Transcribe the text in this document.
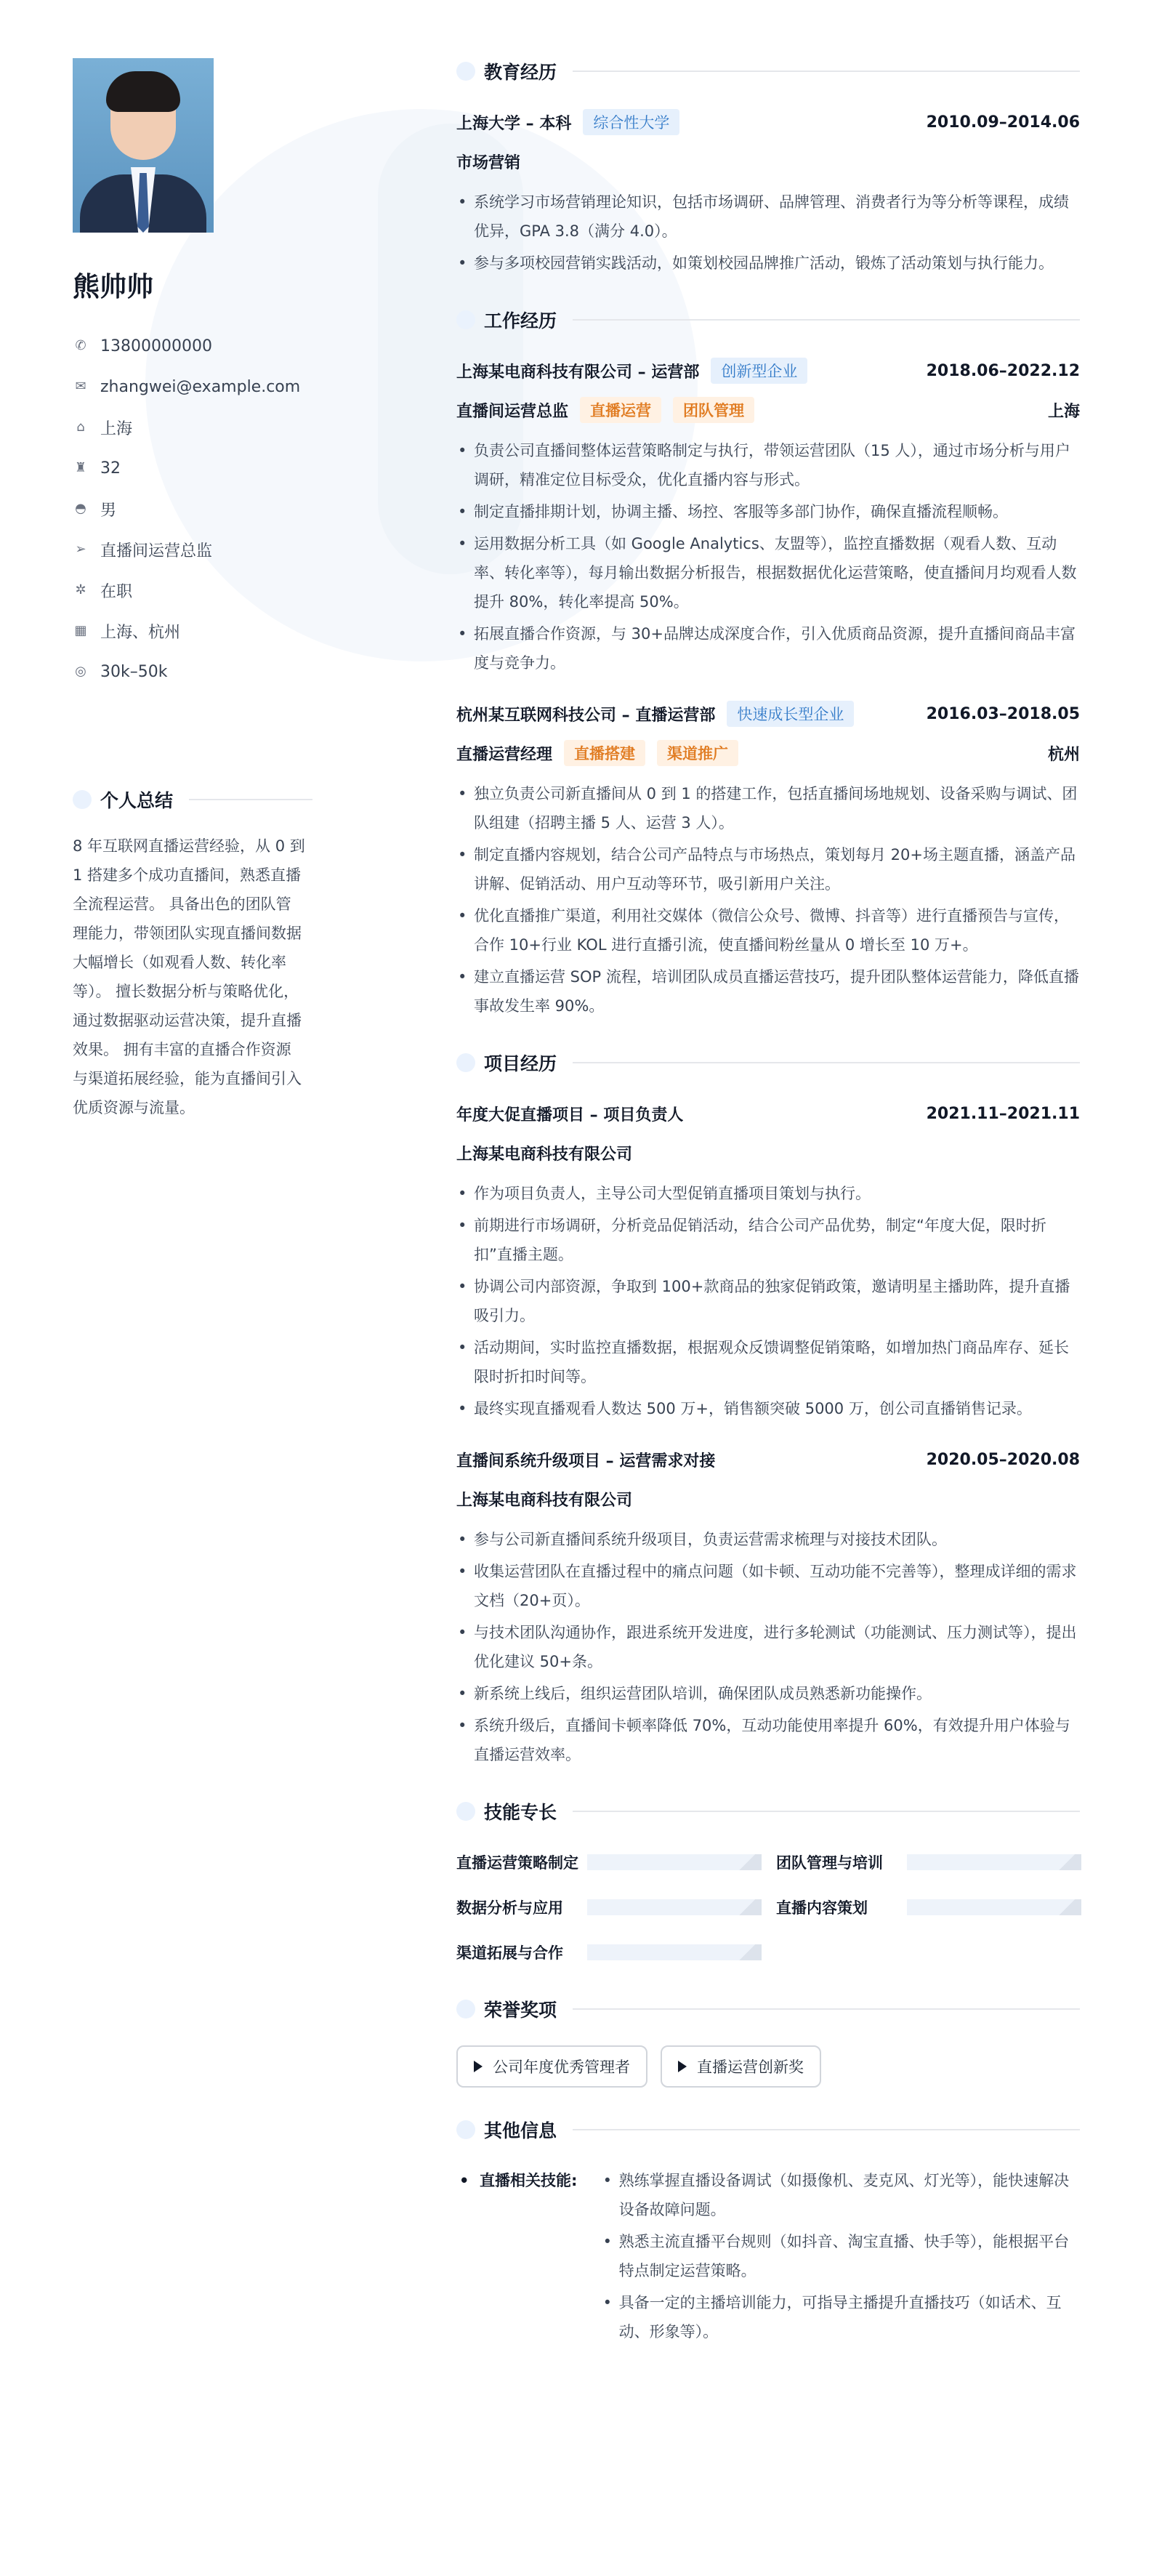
熊帅帅
✆ 13800000000
✉ zhangwei@example.com
⌂ 上海
♜ 32
◓ 男
➢ 直播间运营总监
✲ 在职
▦ 上海、杭州
◎ 30k–50k
个人总结
8 年互联网直播运营经验，从 0 到 1 搭建多个成功直播间，熟悉直播全流程运营。 具备出色的团队管理能力，带领团队实现直播间数据大幅增长（如观看人数、转化率等）。 擅长数据分析与策略优化，通过数据驱动运营决策，提升直播效果。 拥有丰富的直播合作资源与渠道拓展经验，能为直播间引入优质资源与流量。
教育经历
上海大学 – 本科	综合性大学	2010.09–2014.06
市场营销
• 系统学习市场营销理论知识，包括市场调研、品牌管理、消费者行为等分析等课程，成绩优异，GPA 3.8（满分 4.0）。
• 参与多项校园营销实践活动，如策划校园品牌推广活动，锻炼了活动策划与执行能力。
工作经历
上海某电商科技有限公司 – 运营部	创新型企业	2018.06–2022.12
直播间运营总监	直播运营	团队管理	上海
• 负责公司直播间整体运营策略制定与执行，带领运营团队（15 人），通过市场分析与用户调研，精准定位目标受众，优化直播内容与形式。
• 制定直播排期计划，协调主播、场控、客服等多部门协作，确保直播流程顺畅。
• 运用数据分析工具（如 Google Analytics、友盟等），监控直播数据（观看人数、互动率、转化率等），每月输出数据分析报告，根据数据优化运营策略，使直播间月均观看人数提升 80%，转化率提高 50%。
• 拓展直播合作资源，与 30+品牌达成深度合作，引入优质商品资源，提升直播间商品丰富度与竞争力。
杭州某互联网科技公司 – 直播运营部	快速成长型企业	2016.03–2018.05
直播运营经理	直播搭建	渠道推广	杭州
• 独立负责公司新直播间从 0 到 1 的搭建工作，包括直播间场地规划、设备采购与调试、团队组建（招聘主播 5 人、运营 3 人）。
• 制定直播内容规划，结合公司产品特点与市场热点，策划每月 20+场主题直播，涵盖产品讲解、促销活动、用户互动等环节，吸引新用户关注。
• 优化直播推广渠道，利用社交媒体（微信公众号、微博、抖音等）进行直播预告与宣传，合作 10+行业 KOL 进行直播引流，使直播间粉丝量从 0 增长至 10 万+。
• 建立直播运营 SOP 流程，培训团队成员直播运营技巧，提升团队整体运营能力，降低直播事故发生率 90%。
项目经历
年度大促直播项目 – 项目负责人	2021.11–2021.11
上海某电商科技有限公司
• 作为项目负责人，主导公司大型促销直播项目策划与执行。
• 前期进行市场调研，分析竞品促销活动，结合公司产品优势，制定“年度大促，限时折扣”直播主题。
• 协调公司内部资源，争取到 100+款商品的独家促销政策，邀请明星主播助阵，提升直播吸引力。
• 活动期间，实时监控直播数据，根据观众反馈调整促销策略，如增加热门商品库存、延长限时折扣时间等。
• 最终实现直播观看人数达 500 万+，销售额突破 5000 万，创公司直播销售记录。
直播间系统升级项目 – 运营需求对接	2020.05–2020.08
上海某电商科技有限公司
• 参与公司新直播间系统升级项目，负责运营需求梳理与对接技术团队。
• 收集运营团队在直播过程中的痛点问题（如卡顿、互动功能不完善等），整理成详细的需求文档（20+页）。
• 与技术团队沟通协作，跟进系统开发进度，进行多轮测试（功能测试、压力测试等），提出优化建议 50+条。
• 新系统上线后，组织运营团队培训，确保团队成员熟悉新功能操作。
• 系统升级后，直播间卡顿率降低 70%，互动功能使用率提升 60%，有效提升用户体验与直播运营效率。
技能专长
直播运营策略制定	团队管理与培训
数据分析与应用	直播内容策划
渠道拓展与合作
荣誉奖项
公司年度优秀管理者	直播运营创新奖
其他信息
• 直播相关技能:
•	熟练掌握直播设备调试（如摄像机、麦克风、灯光等），能快速解决设备故障问题。
• 熟悉主流直播平台规则（如抖音、淘宝直播、快手等），能根据平台特点制定运营策略。
• 具备一定的主播培训能力，可指导主播提升直播技巧（如话术、互动、形象等）。
